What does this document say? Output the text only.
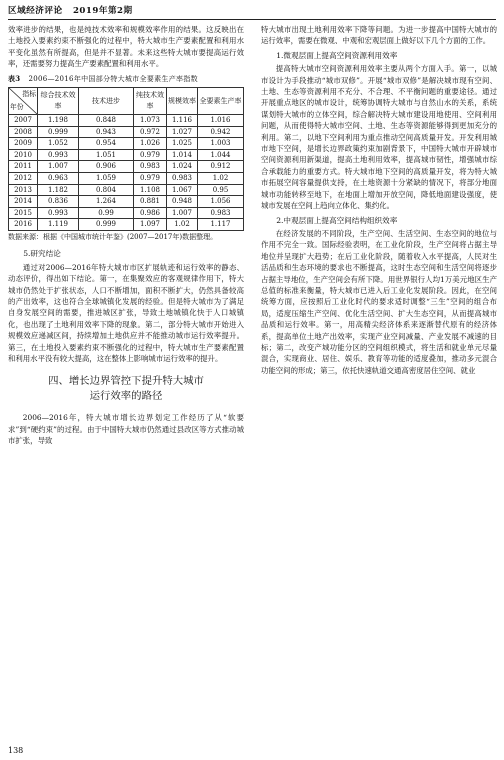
区域经济评论 2019年第2期

效率进步的结果，也是纯技术效率和规模效率作用的结果。这反映出在土地投入要素约束不断强化的过程中，特大城市生产要素配置和利用水平变化虽然有所提高，但是并不显著。未来这些特大城市要提高运行效率，还需要努力提高生产要素配置和利用水平。

表3 2006—2016年中国部分特大城市全要素生产率指数
指标
年份	综合技术效率	技术进步	纯技术效率	规模效率	全要素生产率
2007	1.198	0.848	1.073	1.116	1.016
2008	0.999	0.943	0.972	1.027	0.942
2009	1.052	0.954	1.026	1.025	1.003
2010	0.993	1.051	0.979	1.014	1.044
2011	1.007	0.906	0.983	1.024	0.912
2012	0.963	1.059	0.979	0.983	1.02
2013	1.182	0.804	1.108	1.067	0.95
2014	0.836	1.264	0.881	0.948	1.056
2015	0.993	0.99	0.986	1.007	0.983
2016	1.119	0.999	1.097	1.02	1.117

数据来源：根据《中国城市统计年鉴》(2007—2017年)数据整理。

5.研究结论

通过对2006—2016年特大城市市区扩展轨迹和运行效率的静态、动态评价，得出如下结论。第一，在集聚效应的客观规律作用下，特大城市仍然处于扩张状态，人口不断增加，面积不断扩大，仍然具备较高的产出效率，这也符合全球城镇化发展的经验。但是特大城市为了满足自身发展空间的需要，推进城区扩张，导致土地城镇化快于人口城镇化，也出现了土地利用效率下降的现象。第二，部分特大城市开始进入规模效应递减区间，持续增加土地供应并不能推动城市运行效率提升。第三，在土地投入要素约束不断强化的过程中，特大城市生产要素配置和利用水平没有较大提高，这在整体上影响城市运行效率的提升。

四、增长边界管控下提升特大城市
运行效率的路径

2006—2016年，特大城市增长边界划定工作经历了从“软要求”到“硬约束”的过程。由于中国特大城市仍然通过县改区等方式推动城市扩张，导致

特大城市出现土地利用效率下降等问题。为进一步提高中国特大城市的运行效率，需要在微观、中观和宏观层面上做好以下几个方面的工作。

1.微观层面上提高空间资源利用效率

提高特大城市空间资源利用效率主要从两个方面入手。第一，以城市设计为手段推动“城市双修”。开展“城市双修”是解决城市现有空间、土地、生态等资源利用不充分、不合理、不平衡问题的重要途径。通过开展重点地区的城市设计，统筹协调特大城市与自然山水的关系，系统谋划特大城市的立体空间，综合解决特大城市建设用地使用、空间利用问题，从而使得特大城市空间、土地、生态等资源能够得到更加充分的利用。第二，以地下空间利用为重点推动空间高质量开发。开发利用城市地下空间，是增长边界政策约束加剧背景下，中国特大城市开辟城市空间资源利用新渠道，提高土地利用效率，提高城市韧性，增强城市综合承载能力的重要方式。特大城市地下空间的高质量开发，将为特大城市拓展空间容量提供支持，在土地资源十分紧缺的情况下，将部分地面城市功能转移至地下，在地面上增加开放空间，降低地面建设强度，使城市发展在空间上趋向立体化、集约化。

2.中观层面上提高空间结构组织效率

在经济发展的不同阶段，生产空间、生活空间、生态空间的地位与作用不完全一致。国际经验表明，在工业化阶段，生产空间将占据主导地位并呈现扩大趋势；在后工业化阶段，随着收入水平提高，人民对生活品质和生态环境的要求也不断提高，这时生态空间和生活空间将逐步占据主导地位，生产空间会有所下降。用世界银行人均1万美元地区生产总值的标准来衡量，特大城市已进入后工业化发展阶段。因此，在空间统筹方面，应按照后工业化时代的要求适时调整“三生”空间的组合布局，适度压缩生产空间、优化生活空间、扩大生态空间，从而提高城市品质和运行效率。第一，用高精尖经济体系来逐渐替代原有的经济体系，提高单位土地产出效率，实现产业空间减量、产业发展不减速的目标；第二，改变产城功能分区的空间组织模式，将生活和就业单元尽量混合，实现商业、居住、娱乐、教育等功能的适度叠加，推动多元混合功能空间的形成；第三，依托快速轨道交通高密度居住空间、就业

138
